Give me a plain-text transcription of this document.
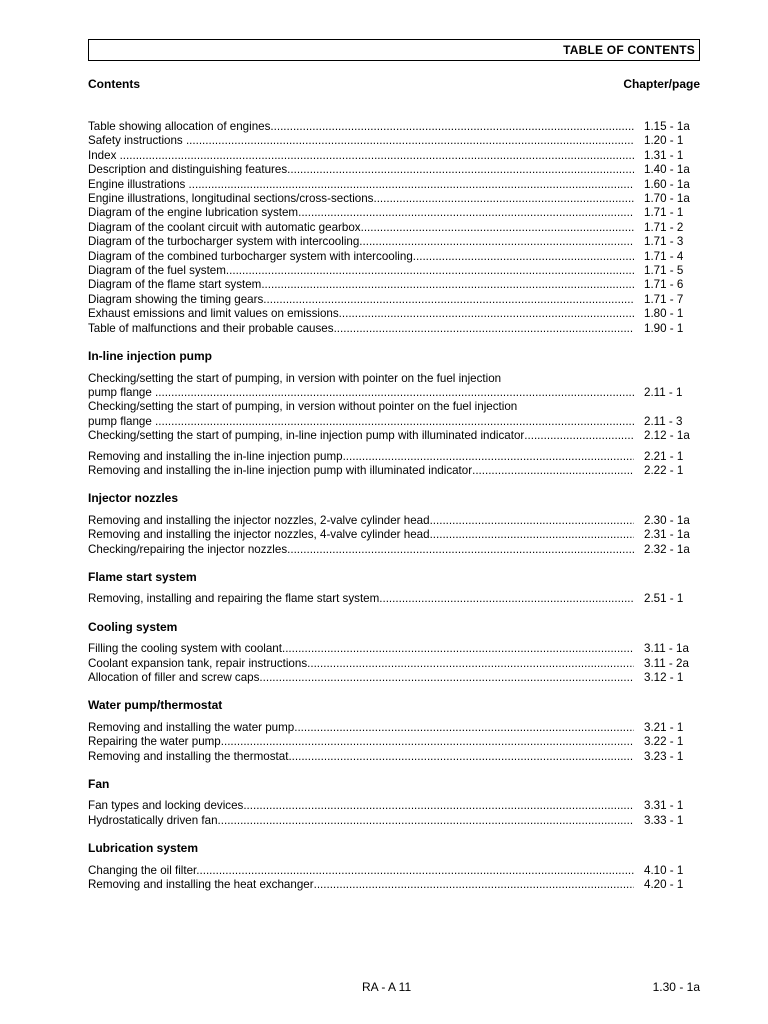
TABLE OF CONTENTS
Contents	Chapter/page
Table showing allocation of engines .....	1.15 - 1a
Safety instructions .......... .....	1.20 - 1
Index ................................ .....	1.31 - 1
Description and distinguishing features .....	1.40 - 1a
Engine illustrations ......... .....	1.60 - 1a
Engine illustrations, longitudinal sections/cross-sections .....	1.70 - 1a
Diagram of the engine lubrication system .....	1.71 - 1
Diagram of the coolant circuit with automatic gearbox .....	1.71 - 2
Diagram of the turbocharger system with intercooling .....	1.71 - 3
Diagram of the combined turbocharger system with intercooling .....	1.71 - 4
Diagram of the fuel system .....	1.71 - 5
Diagram of the flame start system .....	1.71 - 6
Diagram showing the timing gears .....	1.71 - 7
Exhaust emissions and limit values on emissions .....	1.80 - 1
Table of malfunctions and their probable causes .....	1.90 - 1
In-line injection pump
Checking/setting the start of pumping, in version with pointer on the fuel injection
pump flange .................... .....	2.11 - 1
Checking/setting the start of pumping, in version without pointer on the fuel injection
pump flange .................... .....	2.11 - 3
Checking/setting the start of pumping, in-line injection pump with illuminated indicator .....	2.12 - 1a
Removing and installing the in-line injection pump .....	2.21 - 1
Removing and installing the in-line injection pump with illuminated indicator .....	2.22 - 1
Injector nozzles
Removing and installing the injector nozzles, 2-valve cylinder head .....	2.30 - 1a
Removing and installing the injector nozzles, 4-valve cylinder head .....	2.31 - 1a
Checking/repairing the injector nozzles .....	2.32 - 1a
Flame start system
Removing, installing and repairing the flame start system .....	2.51 - 1
Cooling system
Filling the cooling system with coolant .....	3.11 - 1a
Coolant expansion tank, repair instructions .....	3.11 - 2a
Allocation of filler and screw caps .....	3.12 - 1
Water pump/thermostat
Removing and installing the water pump .....	3.21 - 1
Repairing the water pump .....	3.22 - 1
Removing and installing the thermostat .....	3.23 - 1
Fan
Fan types and locking devices .....	3.31 - 1
Hydrostatically driven fan .....	3.33 - 1
Lubrication system
Changing the oil filter...... .....	4.10 - 1
Removing and installing the heat exchanger .....	4.20 - 1
RA - A 11	1.30 - 1a
